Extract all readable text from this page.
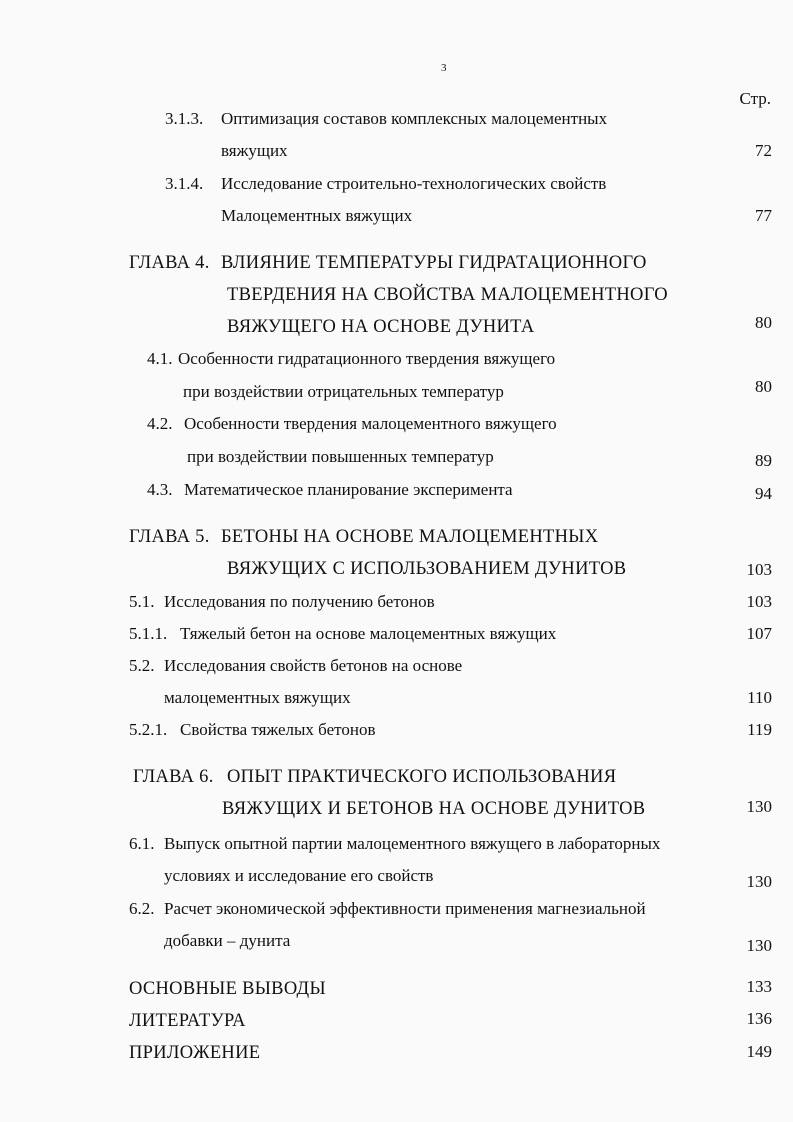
3
Стр.
3.1.3. Оптимизация составов комплексных малоцементных
вяжущих	72
3.1.4. Исследование строительно-технологических свойств
Малоцементных вяжущих	77
ГЛАВА 4. ВЛИЯНИЕ ТЕМПЕРАТУРЫ ГИДРАТАЦИОННОГО
ТВЕРДЕНИЯ НА СВОЙСТВА МАЛОЦЕМЕНТНОГО
ВЯЖУЩЕГО НА ОСНОВЕ ДУНИТА	80
4.1. Особенности гидратационного твердения вяжущего
при воздействии отрицательных температур	80
4.2. Особенности твердения малоцементного вяжущего
при воздействии повышенных температур	89
4.3. Математическое планирование эксперимента	94
ГЛАВА 5. БЕТОНЫ НА ОСНОВЕ МАЛОЦЕМЕНТНЫХ
ВЯЖУЩИХ С ИСПОЛЬЗОВАНИЕМ ДУНИТОВ	103
5.1. Исследования по получению бетонов	103
5.1.1. Тяжелый бетон на основе малоцементных вяжущих	107
5.2. Исследования свойств бетонов на основе
малоцементных вяжущих	110
5.2.1. Свойства тяжелых бетонов	119
ГЛАВА 6. ОПЫТ ПРАКТИЧЕСКОГО ИСПОЛЬЗОВАНИЯ
ВЯЖУЩИХ И БЕТОНОВ НА ОСНОВЕ ДУНИТОВ	130
6.1. Выпуск опытной партии малоцементного вяжущего в лабораторных
условиях и исследование его свойств	130
6.2. Расчет экономической эффективности применения магнезиальной
добавки – дунита	130
ОСНОВНЫЕ ВЫВОДЫ	133
ЛИТЕРАТУРА	136
ПРИЛОЖЕНИЕ	149
